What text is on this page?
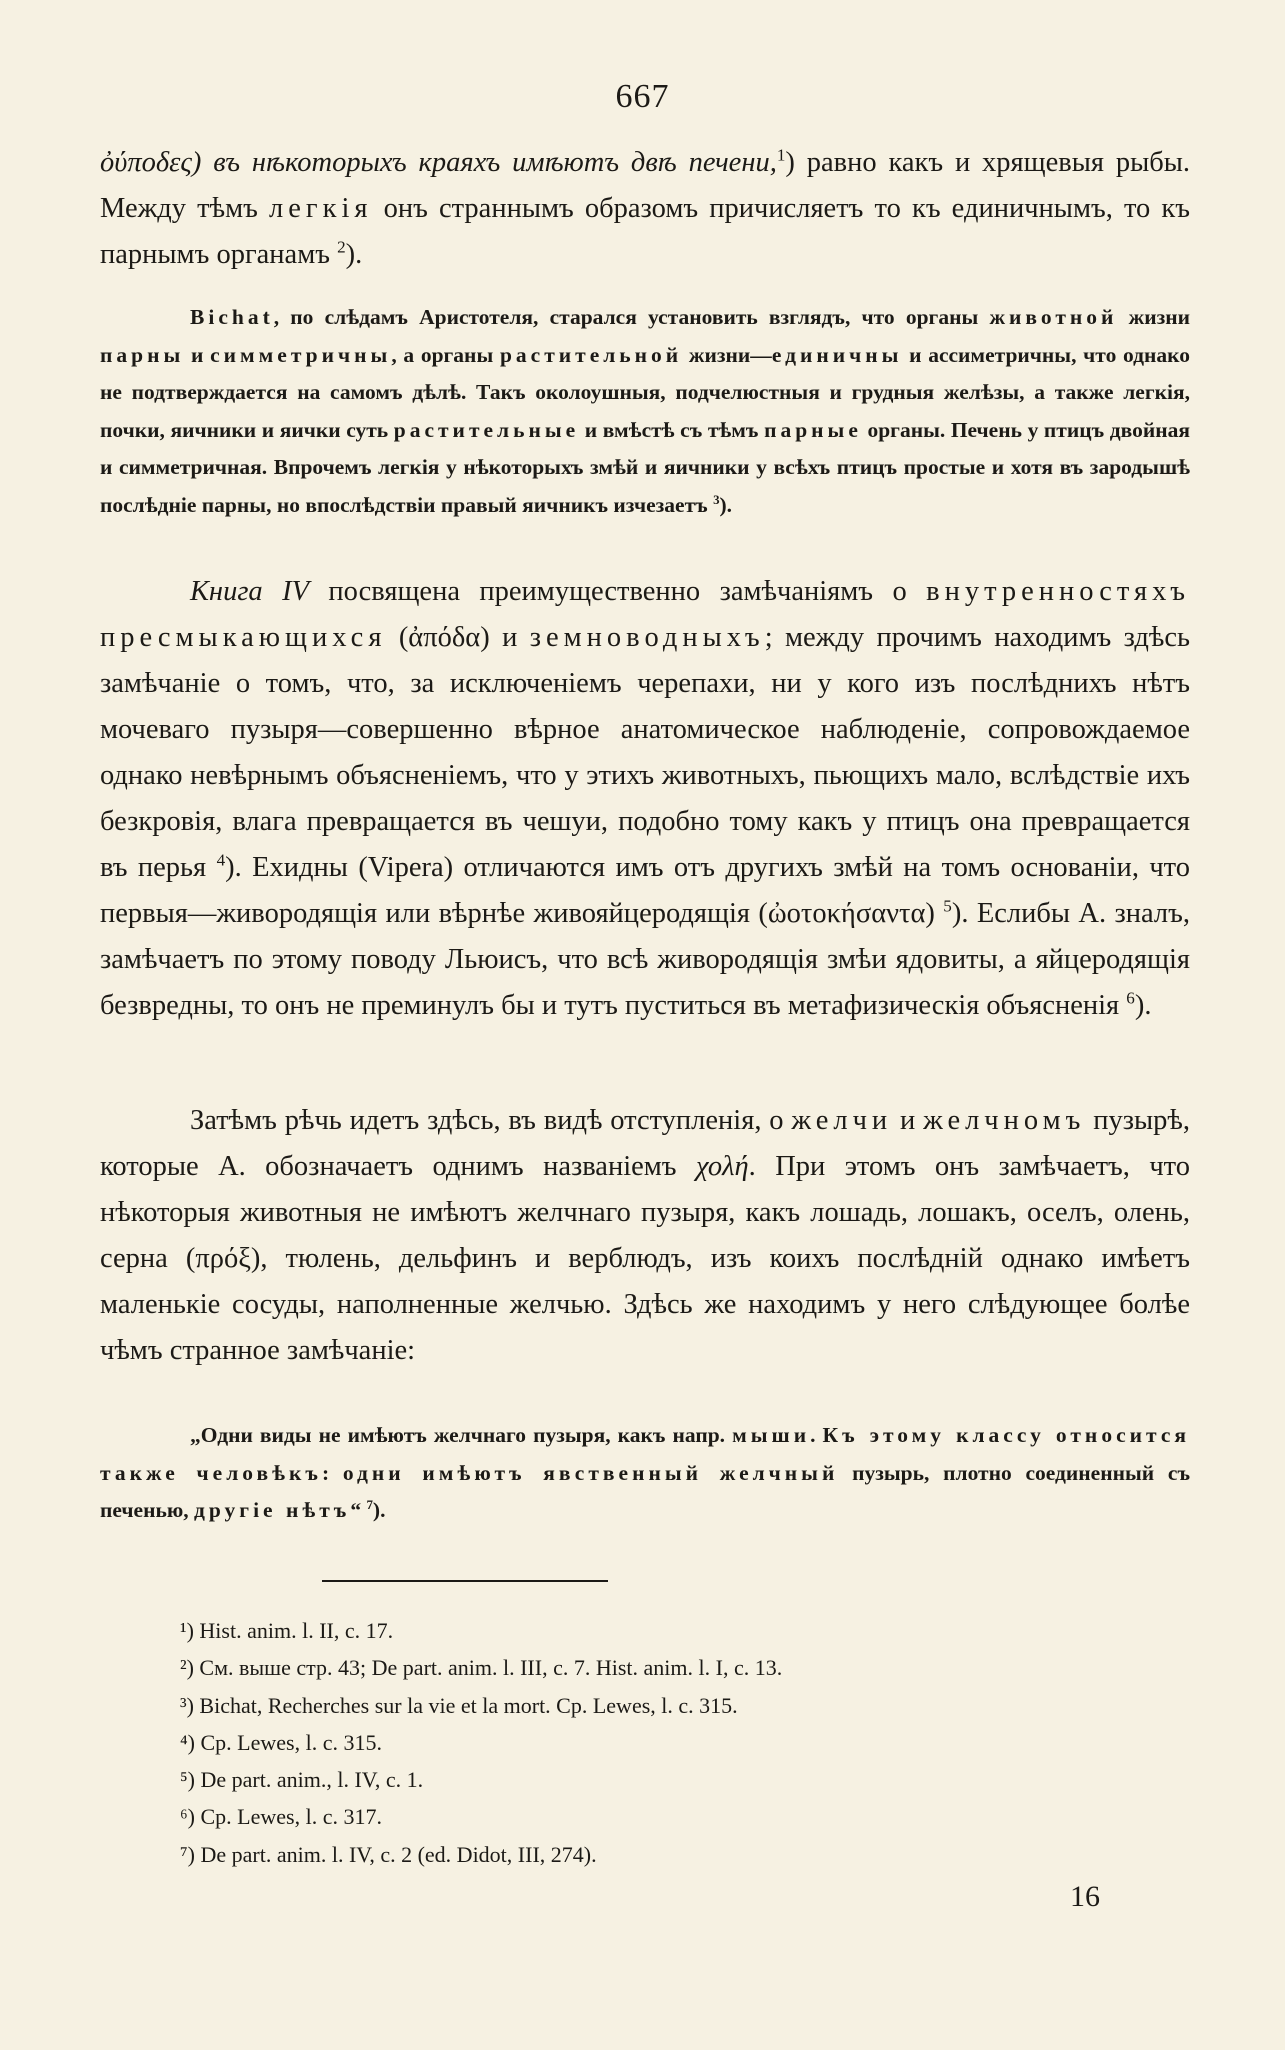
667
ὀύποδες) въ нѣкоторыхъ краяхъ имѣютъ двѣ печени,$^1$) равно какъ и хрящевыя рыбы. Между тѣмъ легкія онъ страннымъ образомъ причисляетъ то къ единичнымъ, то къ парнымъ органамъ $^2$).
Bichat, по слѣдамъ Аристотеля, старался установить взглядъ, что органы животной жизни парны и симметричны, а органы растительной жизни—единичны и ассиметричны, что однако не подтверждается на самомъ дѣлѣ. Такъ околоушныя, подчелюстныя и грудныя желѣзы, а также легкія, почки, яичники и яички суть растительные и вмѣстѣ съ тѣмъ парные органы. Печень у птицъ двойная и симметричная. Впрочемъ легкія у нѣкоторыхъ змѣй и яичники у всѣхъ птицъ простые и хотя въ зародышѣ послѣдніе парны, но впослѣдствіи правый яичникъ изчезаетъ $^3$).
Книга IV посвящена преимущественно замѣчаніямъ о внутренностяхъ пресмыкающихся (ἀπόδα) и земноводныхъ; между прочимъ находимъ здѣсь замѣчаніе о томъ, что, за исключеніемъ черепахи, ни у кого изъ послѣднихъ нѣтъ мочеваго пузыря—совершенно вѣрное анатомическое наблюденіе, сопровождаемое однако невѣрнымъ объясненіемъ, что у этихъ животныхъ, пьющихъ мало, вслѣдствіе ихъ безкровія, влага превращается въ чешуи, подобно тому какъ у птицъ она превращается въ перья $^4$). Ехидны (Vipera) отличаются имъ отъ другихъ змѣй на томъ основаніи, что первыя—живородящія или вѣрнѣе живояйцеродящія (ὠοτοκήσαντα) $^5$). Еслибы А. зналъ, замѣчаетъ по этому поводу Льюисъ, что всѣ живородящія змѣи ядовиты, а яйцеродящія безвредны, то онъ не преминулъ бы и тутъ пуститься въ метафизическія объясненія $^6$).
Затѣмъ рѣчь идетъ здѣсь, въ видѣ отступленія, о желчи и желчномъ пузырѣ, которые А. обозначаетъ однимъ названіемъ χολή. При этомъ онъ замѣчаетъ, что нѣкоторыя животныя не имѣютъ желчнаго пузыря, какъ лошадь, лошакъ, оселъ, олень, серна (πρόξ), тюлень, дельфинъ и верблюдъ, изъ коихъ послѣдній однако имѣетъ маленькіе сосуды, наполненные желчью. Здѣсь же находимъ у него слѣдующее болѣе чѣмъ странное замѣчаніе:
„Одни виды не имѣютъ желчнаго пузыря, какъ напр. мыши. Къ этому классу относится также человѣкъ: одни имѣютъ явственный желчный пузырь, плотно соединенный съ печенью, другіе нѣтъ“ $^7$).
¹) Hist. anim. l. II, c. 17.
²) См. выше стр. 43; De part. anim. l. III, c. 7. Hist. anim. l. I, c. 13.
³) Bichat, Recherches sur la vie et la mort. Cp. Lewes, l. c. 315.
⁴) Cp. Lewes, l. c. 315.
⁵) De part. anim., l. IV, c. 1.
⁶) Cp. Lewes, l. c. 317.
⁷) De part. anim. l. IV, c. 2 (ed. Didot, III, 274).
16
